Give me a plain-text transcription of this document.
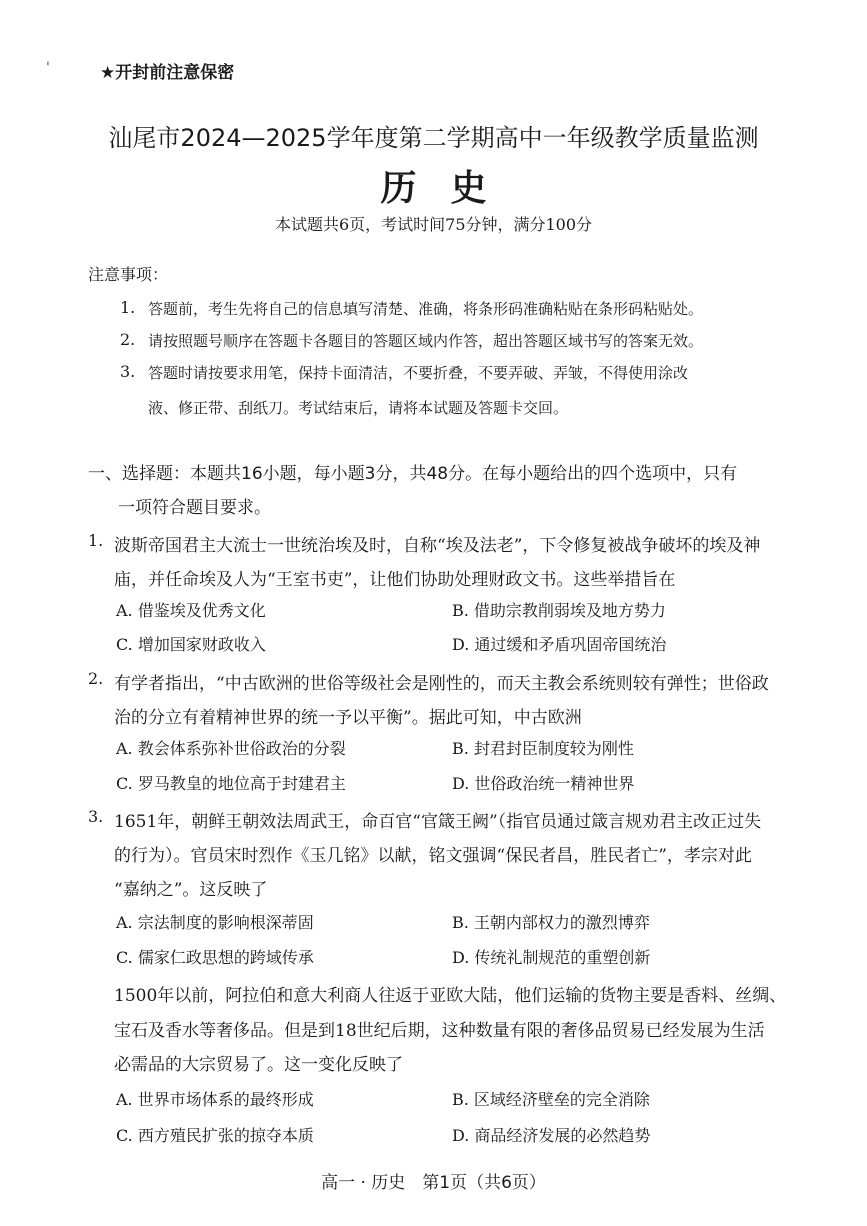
'	★开封前注意保密
汕尾市2024—2025学年度第二学期高中一年级教学质量监测
历史
本试题共6页，考试时间75分钟，满分100分
注意事项：
1. 答题前，考生先将自己的信息填写清楚、准确，将条形码准确粘贴在条形码粘贴处。
2. 请按照题号顺序在答题卡各题目的答题区域内作答，超出答题区域书写的答案无效。
3. 答题时请按要求用笔，保持卡面清洁，不要折叠，不要弄破、弄皱，不得使用涂改
液、修正带、刮纸刀。考试结束后，请将本试题及答题卡交回。
一、选择题：本题共16小题，每小题3分，共48分。在每小题给出的四个选项中，只有
一项符合题目要求。
1. 波斯帝国君主大流士一世统治埃及时，自称“埃及法老”，下令修复被战争破坏的埃及神
庙，并任命埃及人为“王室书吏”，让他们协助处理财政文书。这些举措旨在
A. 借鉴埃及优秀文化	B. 借助宗教削弱埃及地方势力
C. 增加国家财政收入	D. 通过缓和矛盾巩固帝国统治
2. 有学者指出，“中古欧洲的世俗等级社会是刚性的，而天主教会系统则较有弹性；世俗政
治的分立有着精神世界的统一予以平衡”。据此可知，中古欧洲
A. 教会体系弥补世俗政治的分裂	B. 封君封臣制度较为刚性
C. 罗马教皇的地位高于封建君主	D. 世俗政治统一精神世界
3. 1651年，朝鲜王朝效法周武王，命百官“官箴王阙”（指官员通过箴言规劝君主改正过失
的行为）。官员宋时烈作《玉几铭》以献，铭文强调“保民者昌，胜民者亡”，孝宗对此
“嘉纳之”。这反映了
A. 宗法制度的影响根深蒂固	B. 王朝内部权力的激烈博弈
C. 儒家仁政思想的跨域传承	D. 传统礼制规范的重塑创新
1500年以前，阿拉伯和意大利商人往返于亚欧大陆，他们运输的货物主要是香料、丝绸、
宝石及香水等奢侈品。但是到18世纪后期，这种数量有限的奢侈品贸易已经发展为生活
必需品的大宗贸易了。这一变化反映了
A. 世界市场体系的最终形成	B. 区域经济壁垒的完全消除
C. 西方殖民扩张的掠夺本质	D. 商品经济发展的必然趋势
高一 · 历史　第1页（共6页）
